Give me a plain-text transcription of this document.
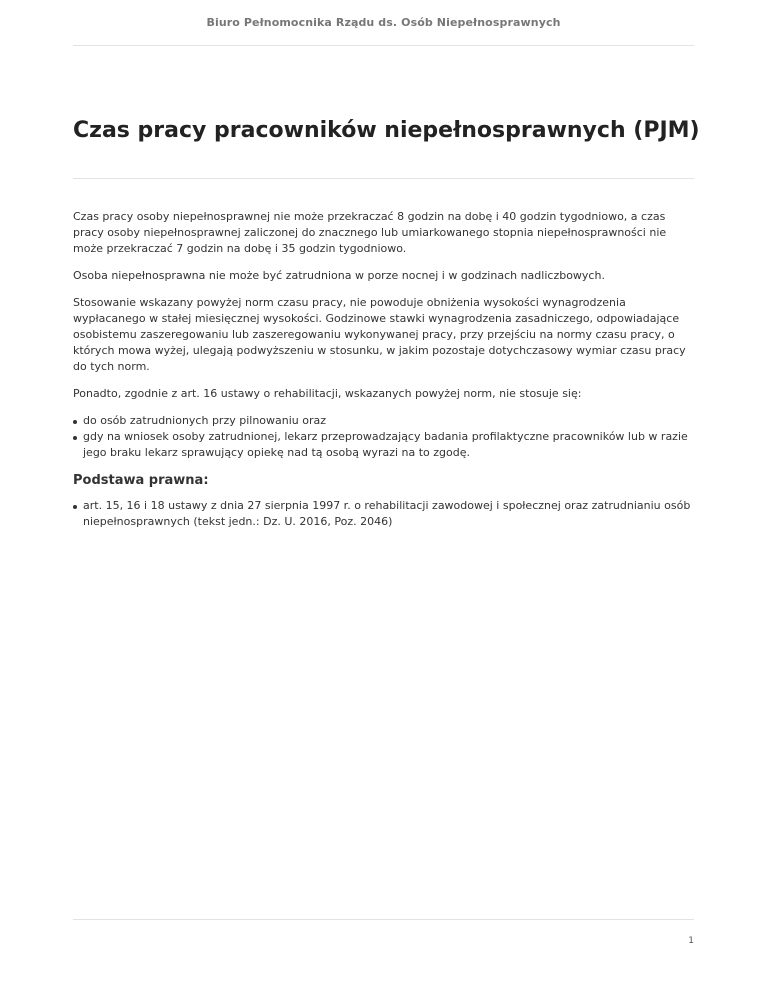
Biuro Pełnomocnika Rządu ds. Osób Niepełnosprawnych
Czas pracy pracowników niepełnosprawnych (PJM)

Czas pracy osoby niepełnosprawnej nie może przekraczać 8 godzin na dobę i 40 godzin tygodniowo, a czas pracy osoby niepełnosprawnej zaliczonej do znacznego lub umiarkowanego stopnia niepełnosprawności nie może przekraczać 7 godzin na dobę i 35 godzin tygodniowo.

Osoba niepełnosprawna nie może być zatrudniona w porze nocnej i w godzinach nadliczbowych.

Stosowanie wskazany powyżej norm czasu pracy, nie powoduje obniżenia wysokości wynagrodzenia wypłacanego w stałej miesięcznej wysokości. Godzinowe stawki wynagrodzenia zasadniczego, odpowiadające osobistemu zaszeregowaniu lub zaszeregowaniu wykonywanej pracy, przy przejściu na normy czasu pracy, o których mowa wyżej, ulegają podwyższeniu w stosunku, w jakim pozostaje dotychczasowy wymiar czasu pracy do tych norm.

Ponadto, zgodnie z art. 16 ustawy o rehabilitacji, wskazanych powyżej norm, nie stosuje się:

do osób zatrudnionych przy pilnowaniu oraz
gdy na wniosek osoby zatrudnionej, lekarz przeprowadzający badania profilaktyczne pracowników lub w razie jego braku lekarz sprawujący opiekę nad tą osobą wyrazi na to zgodę.
Podstawa prawna:
art. 15, 16 i 18 ustawy z dnia 27 sierpnia 1997 r. o rehabilitacji zawodowej i społecznej oraz zatrudnianiu osób niepełnosprawnych (tekst jedn.: Dz. U. 2016, Poz. 2046)
1
